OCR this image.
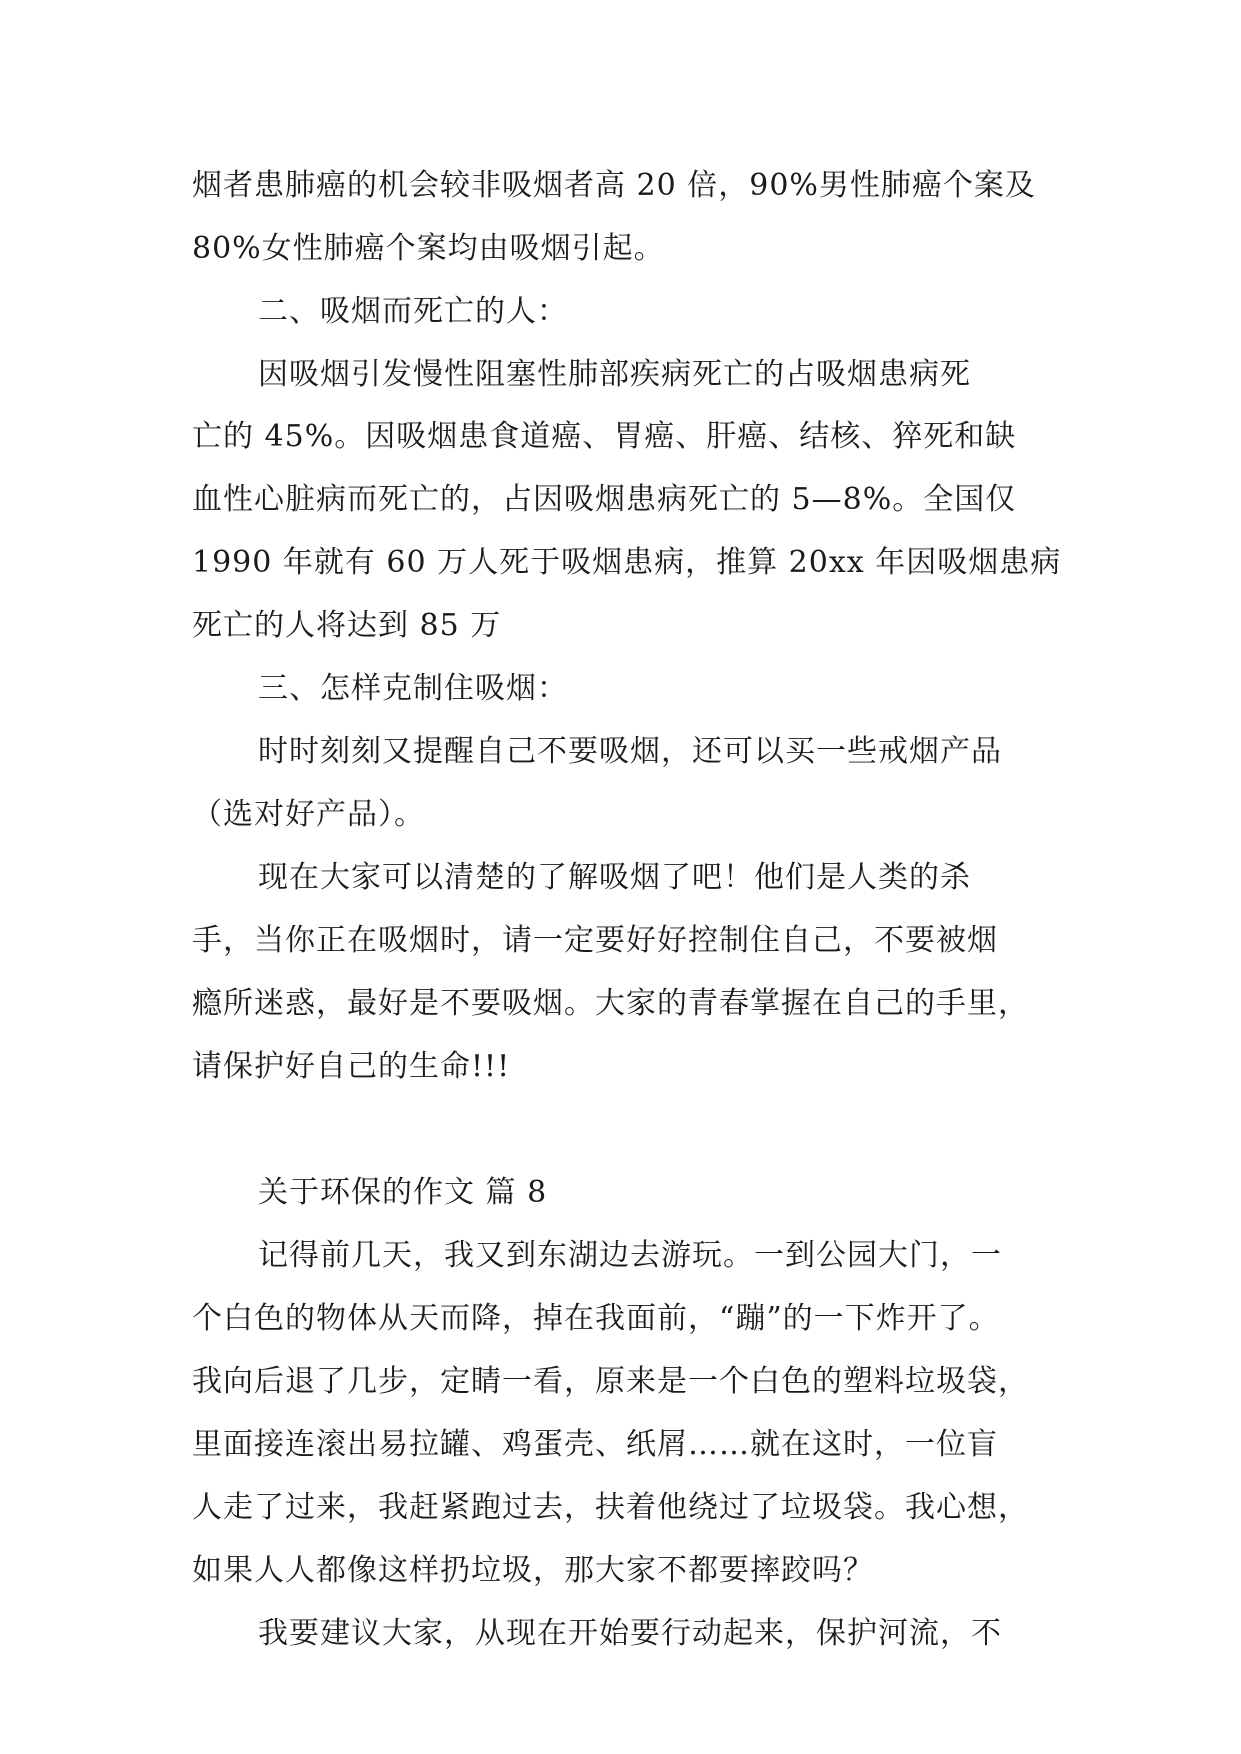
烟者患肺癌的机会较非吸烟者高 20 倍，90%男性肺癌个案及
80%女性肺癌个案均由吸烟引起。
二、吸烟而死亡的人：
因吸烟引发慢性阻塞性肺部疾病死亡的占吸烟患病死
亡的 45%。因吸烟患食道癌、胃癌、肝癌、结核、猝死和缺
血性心脏病而死亡的，占因吸烟患病死亡的 5—8%。全国仅
1990 年就有 60 万人死于吸烟患病，推算 20xx 年因吸烟患病
死亡的人将达到 85 万
三、怎样克制住吸烟：
时时刻刻又提醒自己不要吸烟，还可以买一些戒烟产品
（选对好产品）。
现在大家可以清楚的了解吸烟了吧！他们是人类的杀
手，当你正在吸烟时，请一定要好好控制住自己，不要被烟
瘾所迷惑，最好是不要吸烟。大家的青春掌握在自己的手里，
请保护好自己的生命!!!
关于环保的作文 篇 8
记得前几天，我又到东湖边去游玩。一到公园大门，一
个白色的物体从天而降，掉在我面前，“蹦”的一下炸开了。
我向后退了几步，定睛一看，原来是一个白色的塑料垃圾袋，
里面接连滚出易拉罐、鸡蛋壳、纸屑……就在这时，一位盲
人走了过来，我赶紧跑过去，扶着他绕过了垃圾袋。我心想，
如果人人都像这样扔垃圾，那大家不都要摔跤吗？
我要建议大家，从现在开始要行动起来，保护河流，不
